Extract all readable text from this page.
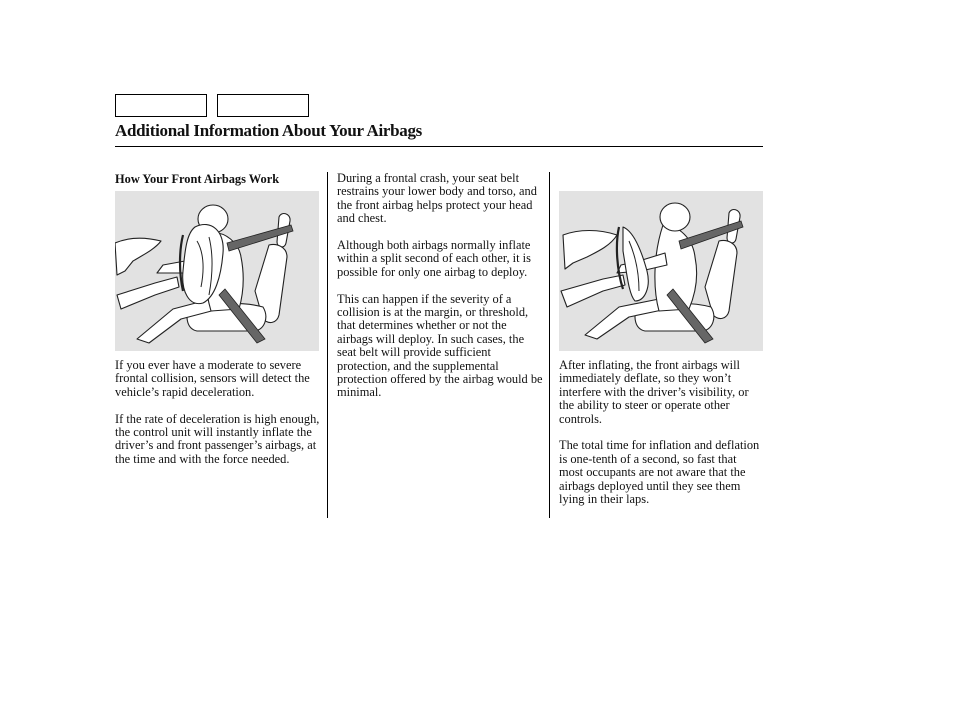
Additional Information About Your Airbags
How Your Front Airbags Work

If you ever have a moderate to severe frontal collision, sensors will detect the vehicle’s rapid deceleration.

If the rate of deceleration is high enough, the control unit will instantly inflate the driver’s and front passenger’s airbags, at the time and with the force needed.

During a frontal crash, your seat belt restrains your lower body and torso, and the front airbag helps protect your head and chest.

Although both airbags normally inflate within a split second of each other, it is possible for only one airbag to deploy.

This can happen if the severity of a collision is at the margin, or threshold, that determines whether or not the airbags will deploy. In such cases, the seat belt will provide sufficient protection, and the supplemental protection offered by the airbag would be minimal.

After inflating, the front airbags will immediately deflate, so they won’t interfere with the driver’s visibility, or the ability to steer or operate other controls.

The total time for inflation and deflation is one-tenth of a second, so fast that most occupants are not aware that the airbags deployed until they see them lying in their laps.
